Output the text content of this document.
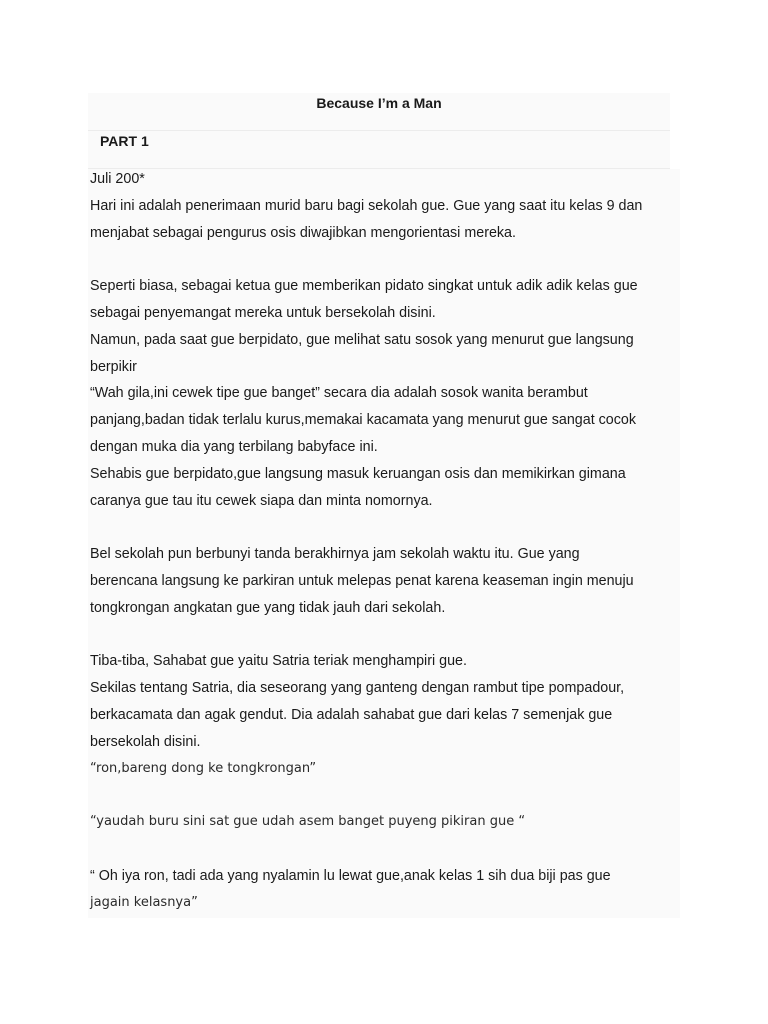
Because I’m a Man
PART 1
Juli 200*
Hari ini adalah penerimaan murid baru bagi sekolah gue. Gue yang saat itu kelas 9 dan
menjabat sebagai pengurus osis diwajibkan mengorientasi mereka.
Seperti biasa, sebagai ketua gue memberikan pidato singkat untuk adik adik kelas gue
sebagai penyemangat mereka untuk bersekolah disini.
Namun, pada saat gue berpidato, gue melihat satu sosok yang menurut gue langsung
berpikir
“Wah gila,ini cewek tipe gue banget” secara dia adalah sosok wanita berambut
panjang,badan tidak terlalu kurus,memakai kacamata yang menurut gue sangat cocok
dengan muka dia yang terbilang babyface ini.
Sehabis gue berpidato,gue langsung masuk keruangan osis dan memikirkan gimana
caranya gue tau itu cewek siapa dan minta nomornya.
Bel sekolah pun berbunyi tanda berakhirnya jam sekolah waktu itu. Gue yang
berencana langsung ke parkiran untuk melepas penat karena keaseman ingin menuju
tongkrongan angkatan gue yang tidak jauh dari sekolah.
Tiba-tiba, Sahabat gue yaitu Satria teriak menghampiri gue.
Sekilas tentang Satria, dia seseorang yang ganteng dengan rambut tipe pompadour,
berkacamata dan agak gendut. Dia adalah sahabat gue dari kelas 7 semenjak gue
bersekolah disini.
“ron,bareng dong ke tongkrongan”
“yaudah buru sini sat gue udah asem banget puyeng pikiran gue “
“ Oh iya ron, tadi ada yang nyalamin lu lewat gue,anak kelas 1 sih dua biji pas gue
jagain kelasnya”
